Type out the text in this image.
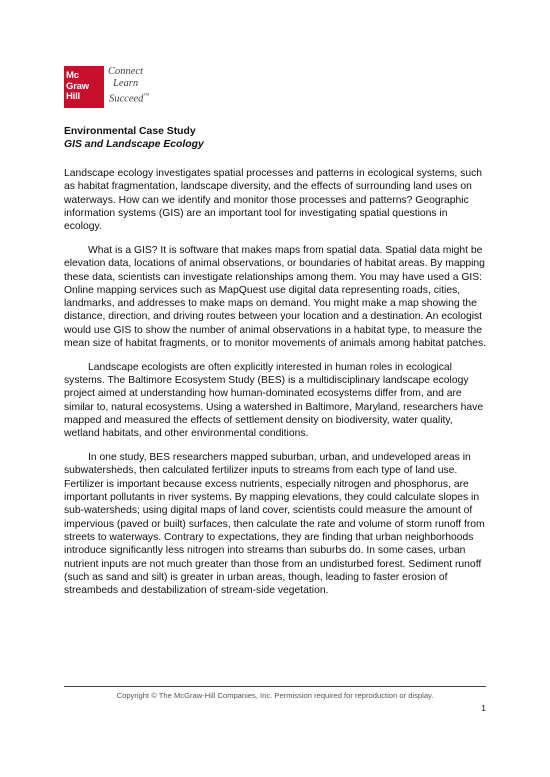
Mc
Graw
Hill
Connect
Learn
Succeed™
Environmental Case Study
GIS and Landscape Ecology

Landscape ecology investigates spatial processes and patterns in ecological systems, such as habitat fragmentation, landscape diversity, and the effects of surrounding land uses on waterways. How can we identify and monitor those processes and patterns? Geographic information systems (GIS) are an important tool for investigating spatial questions in ecology.

What is a GIS? It is software that makes maps from spatial data. Spatial data might be elevation data, locations of animal observations, or boundaries of habitat areas. By mapping these data, scientists can investigate relationships among them. You may have used a GIS: Online mapping services such as MapQuest use digital data representing roads, cities, landmarks, and addresses to make maps on demand. You might make a map showing the distance, direction, and driving routes between your location and a destination. An ecologist would use GIS to show the number of animal observations in a habitat type, to measure the mean size of habitat fragments, or to monitor movements of animals among habitat patches.

Landscape ecologists are often explicitly interested in human roles in ecological systems. The Baltimore Ecosystem Study (BES) is a multidisciplinary landscape ecology project aimed at understanding how human-dominated ecosystems differ from, and are similar to, natural ecosystems. Using a watershed in Baltimore, Maryland, researchers have mapped and measured the effects of settlement density on biodiversity, water quality, wetland habitats, and other environmental conditions.

In one study, BES researchers mapped suburban, urban, and undeveloped areas in subwatersheds, then calculated fertilizer inputs to streams from each type of land use. Fertilizer is important because excess nutrients, especially nitrogen and phosphorus, are important pollutants in river systems. By mapping elevations, they could calculate slopes in sub-watersheds; using digital maps of land cover, scientists could measure the amount of impervious (paved or built) surfaces, then calculate the rate and volume of storm runoff from streets to waterways. Contrary to expectations, they are finding that urban neighborhoods introduce significantly less nitrogen into streams than suburbs do. In some cases, urban nutrient inputs are not much greater than those from an undisturbed forest. Sediment runoff (such as sand and silt) is greater in urban areas, though, leading to faster erosion of streambeds and destabilization of stream-side vegetation.

Copyright © The McGraw-Hill Companies, Inc. Permission required for reproduction or display.
1
